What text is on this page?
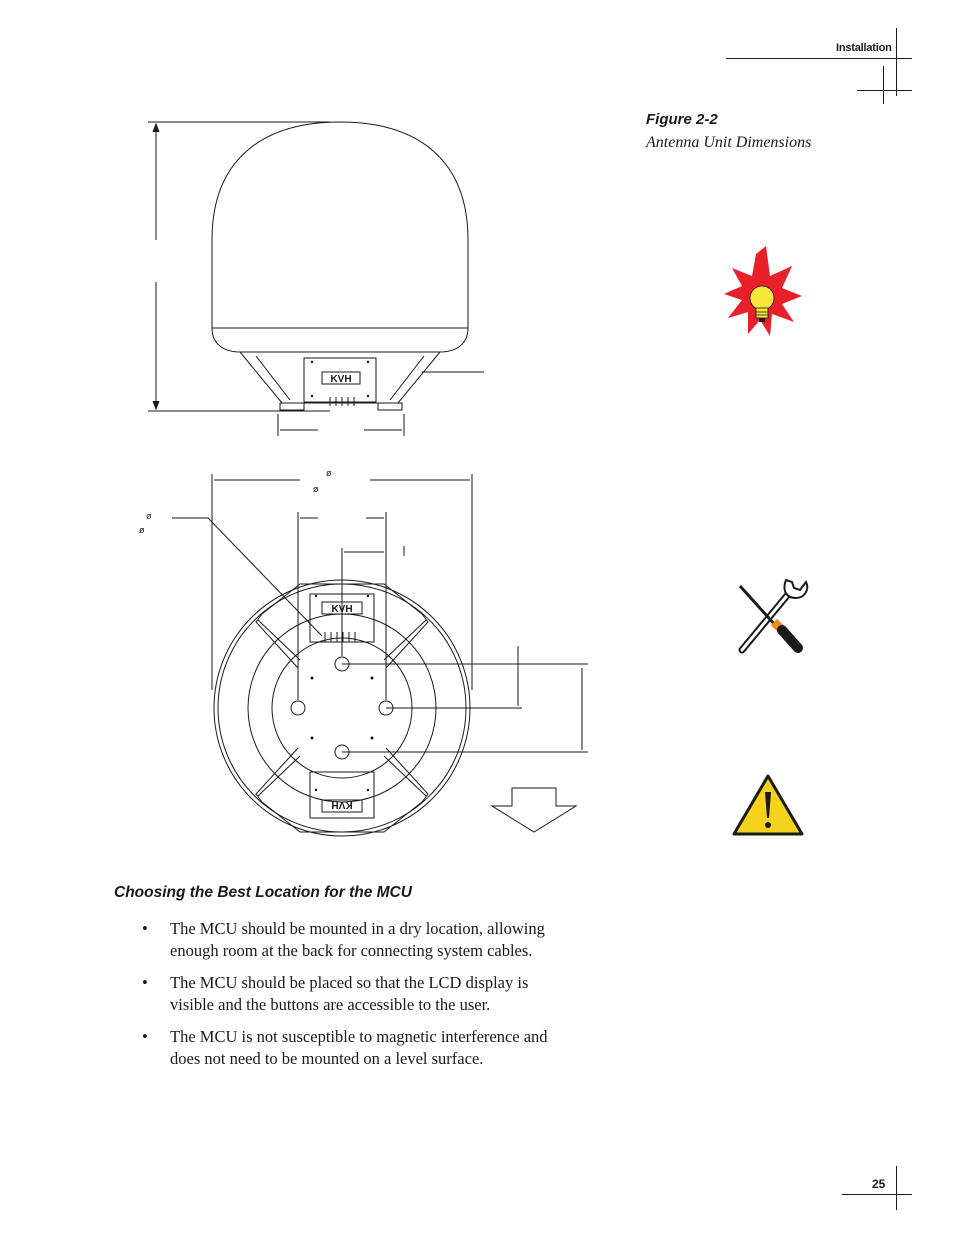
Installation
Figure 2-2
Antenna Unit Dimensions
KVH
KVH
KVH
ø
ø
ø
ø
Choosing the Best Location for the MCU
• The MCU should be mounted in a dry location, allowing enough room at the back for connecting system cables.
• The MCU should be placed so that the LCD display is visible and the buttons are accessible to the user.
• The MCU is not susceptible to magnetic interference and does not need to be mounted on a level surface.
25
